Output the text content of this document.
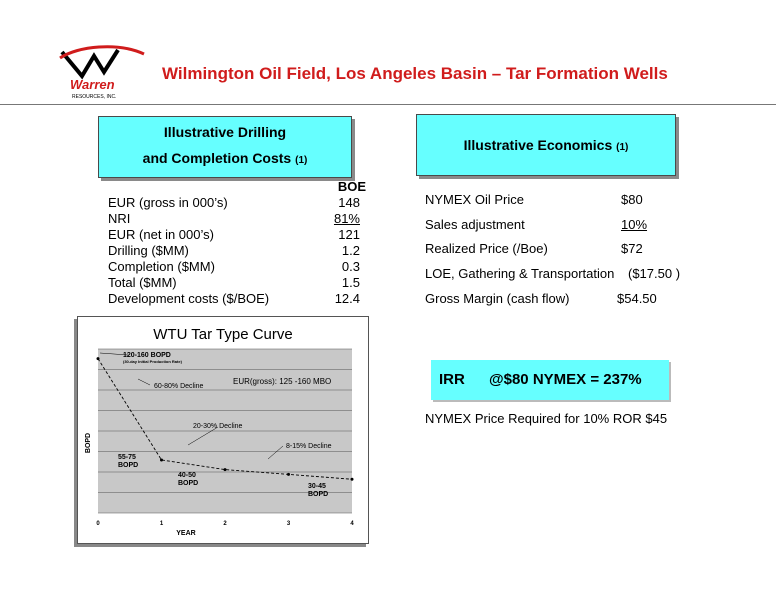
Warren
RESOURCES, INC.
Wilmington Oil Field, Los Angeles Basin – Tar Formation Wells
Illustrative Drilling
and Completion Costs (1)
BOE
EUR (gross in 000’s)	148
NRI	81%
EUR (net in 000’s)	121
Drilling ($MM)	1.2
Completion ($MM)	0.3
Total ($MM)	1.5
Development costs ($/BOE)	12.4
Illustrative Economics (1)
NYMEX Oil Price	$80
Sales adjustment	10%
Realized Price (/Boe)	$72
LOE, Gathering & Transportation ($17.50 )
Gross Margin (cash flow)	$54.50
IRR @$80 NYMEX = 237%
NYMEX Price Required for 10% ROR $45
WTU Tar Type Curve
0	1	2	3	4
120-160 BOPD
(30-day Initial Production Rate)
60-80% Decline
EUR(gross): 125 -160 MBO
20-30% Decline
8-15% Decline
55-75
BOPD
40-50
BOPD	30-45
BOPD
YEAR
BOPD
